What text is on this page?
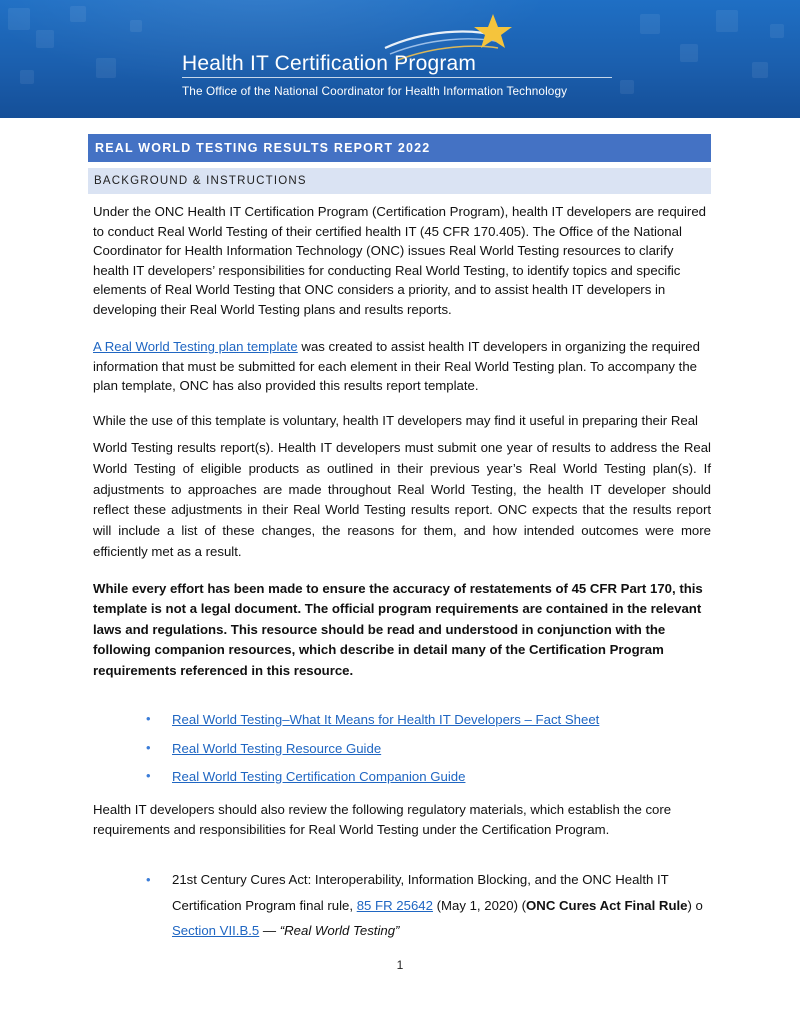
Health IT Certification Program
The Office of the National Coordinator for Health Information Technology
REAL WORLD TESTING RESULTS REPORT 2022
BACKGROUND & INSTRUCTIONS

Under the ONC Health IT Certification Program (Certification Program), health IT developers are required to conduct Real World Testing of their certified health IT (45 CFR 170.405). The Office of the National Coordinator for Health Information Technology (ONC) issues Real World Testing resources to clarify health IT developers’ responsibilities for conducting Real World Testing, to identify topics and specific elements of Real World Testing that ONC considers a priority, and to assist health IT developers in developing their Real World Testing plans and results reports.

A Real World Testing plan template was created to assist health IT developers in organizing the required information that must be submitted for each element in their Real World Testing plan. To accompany the plan template, ONC has also provided this results report template.

While the use of this template is voluntary, health IT developers may find it useful in preparing their Real

World Testing results report(s). Health IT developers must submit one year of results to address the Real World Testing of eligible products as outlined in their previous year’s Real World Testing plan(s). If adjustments to approaches are made throughout Real World Testing, the health IT developer should reflect these adjustments in their Real World Testing results report. ONC expects that the results report will include a list of these changes, the reasons for them, and how intended outcomes were more efficiently met as a result.

While every effort has been made to ensure the accuracy of restatements of 45 CFR Part 170, this template is not a legal document. The official program requirements are contained in the relevant laws and regulations. This resource should be read and understood in conjunction with the following companion resources, which describe in detail many of the Certification Program requirements referenced in this resource.

• Real World Testing–What It Means for Health IT Developers – Fact Sheet
• Real World Testing Resource Guide
• Real World Testing Certification Companion Guide

Health IT developers should also review the following regulatory materials, which establish the core requirements and responsibilities for Real World Testing under the Certification Program.

• 21st Century Cures Act: Interoperability, Information Blocking, and the ONC Health IT Certification Program final rule, 85 FR 25642 (May 1, 2020) (ONC Cures Act Final Rule) o Section VII.B.5 — “Real World Testing”
1
